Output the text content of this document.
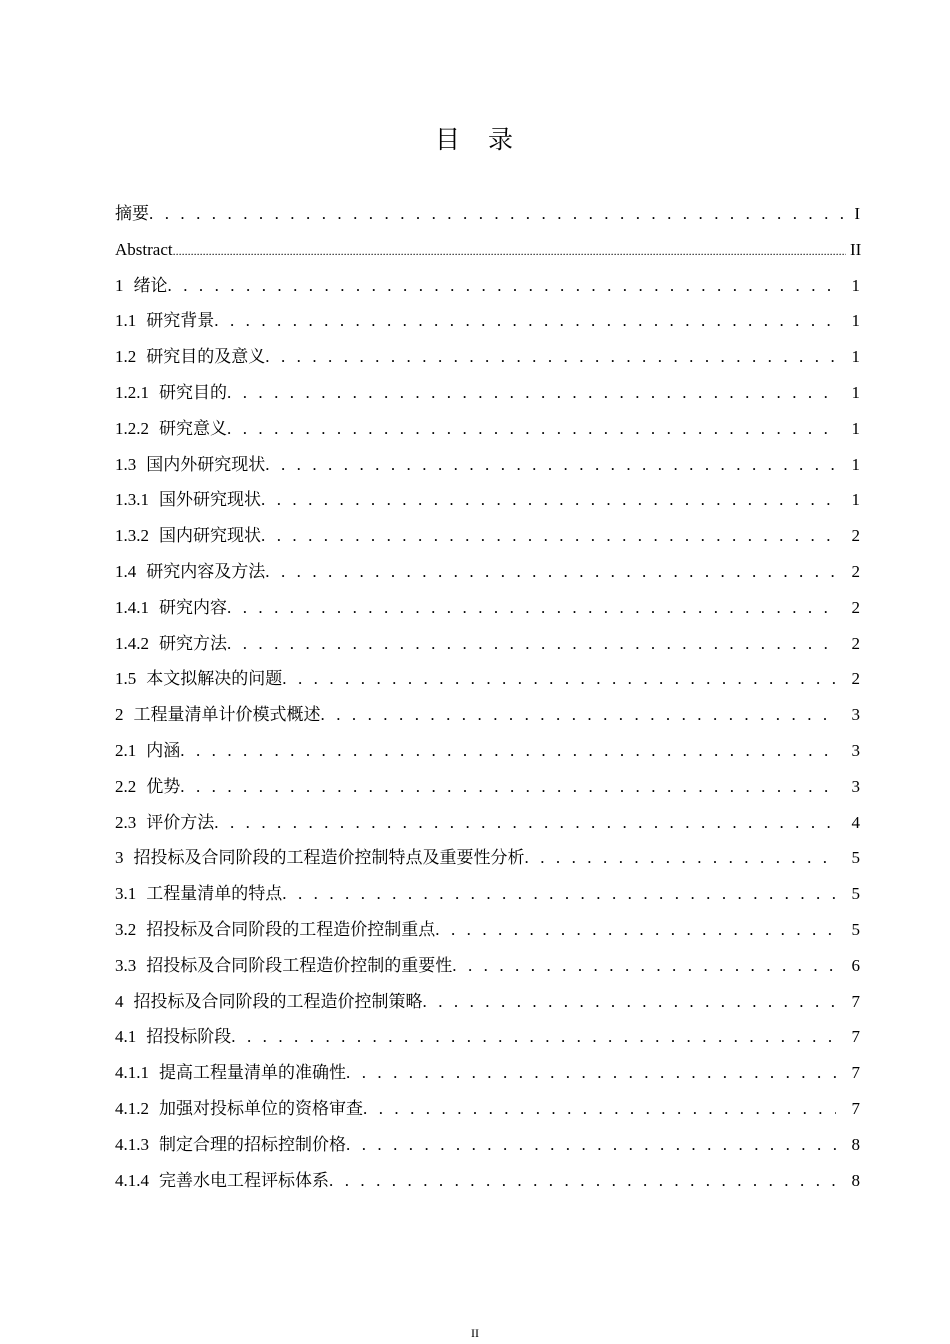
目 录
摘要 . . .	I
Abstract .....	II
1 绪论 . . .	1
1.1 研究背景 . . .	1
1.2 研究目的及意义 . . .	1
1.2.1 研究目的 . . .	1
1.2.2 研究意义 . . .	1
1.3 国内外研究现状 . . .	1
1.3.1 国外研究现状 . . .	1
1.3.2 国内研究现状 . . .	2
1.4 研究内容及方法 . . .	2
1.4.1 研究内容 . . .	2
1.4.2 研究方法 . . .	2
1.5 本文拟解决的问题 . . .	2
2 工程量清单计价模式概述 . . .	3
2.1 内涵 . . .	3
2.2 优势 . . .	3
2.3 评价方法 . . .	4
3 招投标及合同阶段的工程造价控制特点及重要性分析 . . .	5
3.1 工程量清单的特点 . . .	5
3.2 招投标及合同阶段的工程造价控制重点 . . .	5
3.3 招投标及合同阶段工程造价控制的重要性 . . .	6
4 招投标及合同阶段的工程造价控制策略 . . .	7
4.1 招投标阶段 . . .	7
4.1.1 提高工程量清单的准确性 . . .	7
4.1.2 加强对投标单位的资格审查 . . .	7
4.1.3 制定合理的招标控制价格 . . .	8
4.1.4 完善水电工程评标体系 . . .	8
II
